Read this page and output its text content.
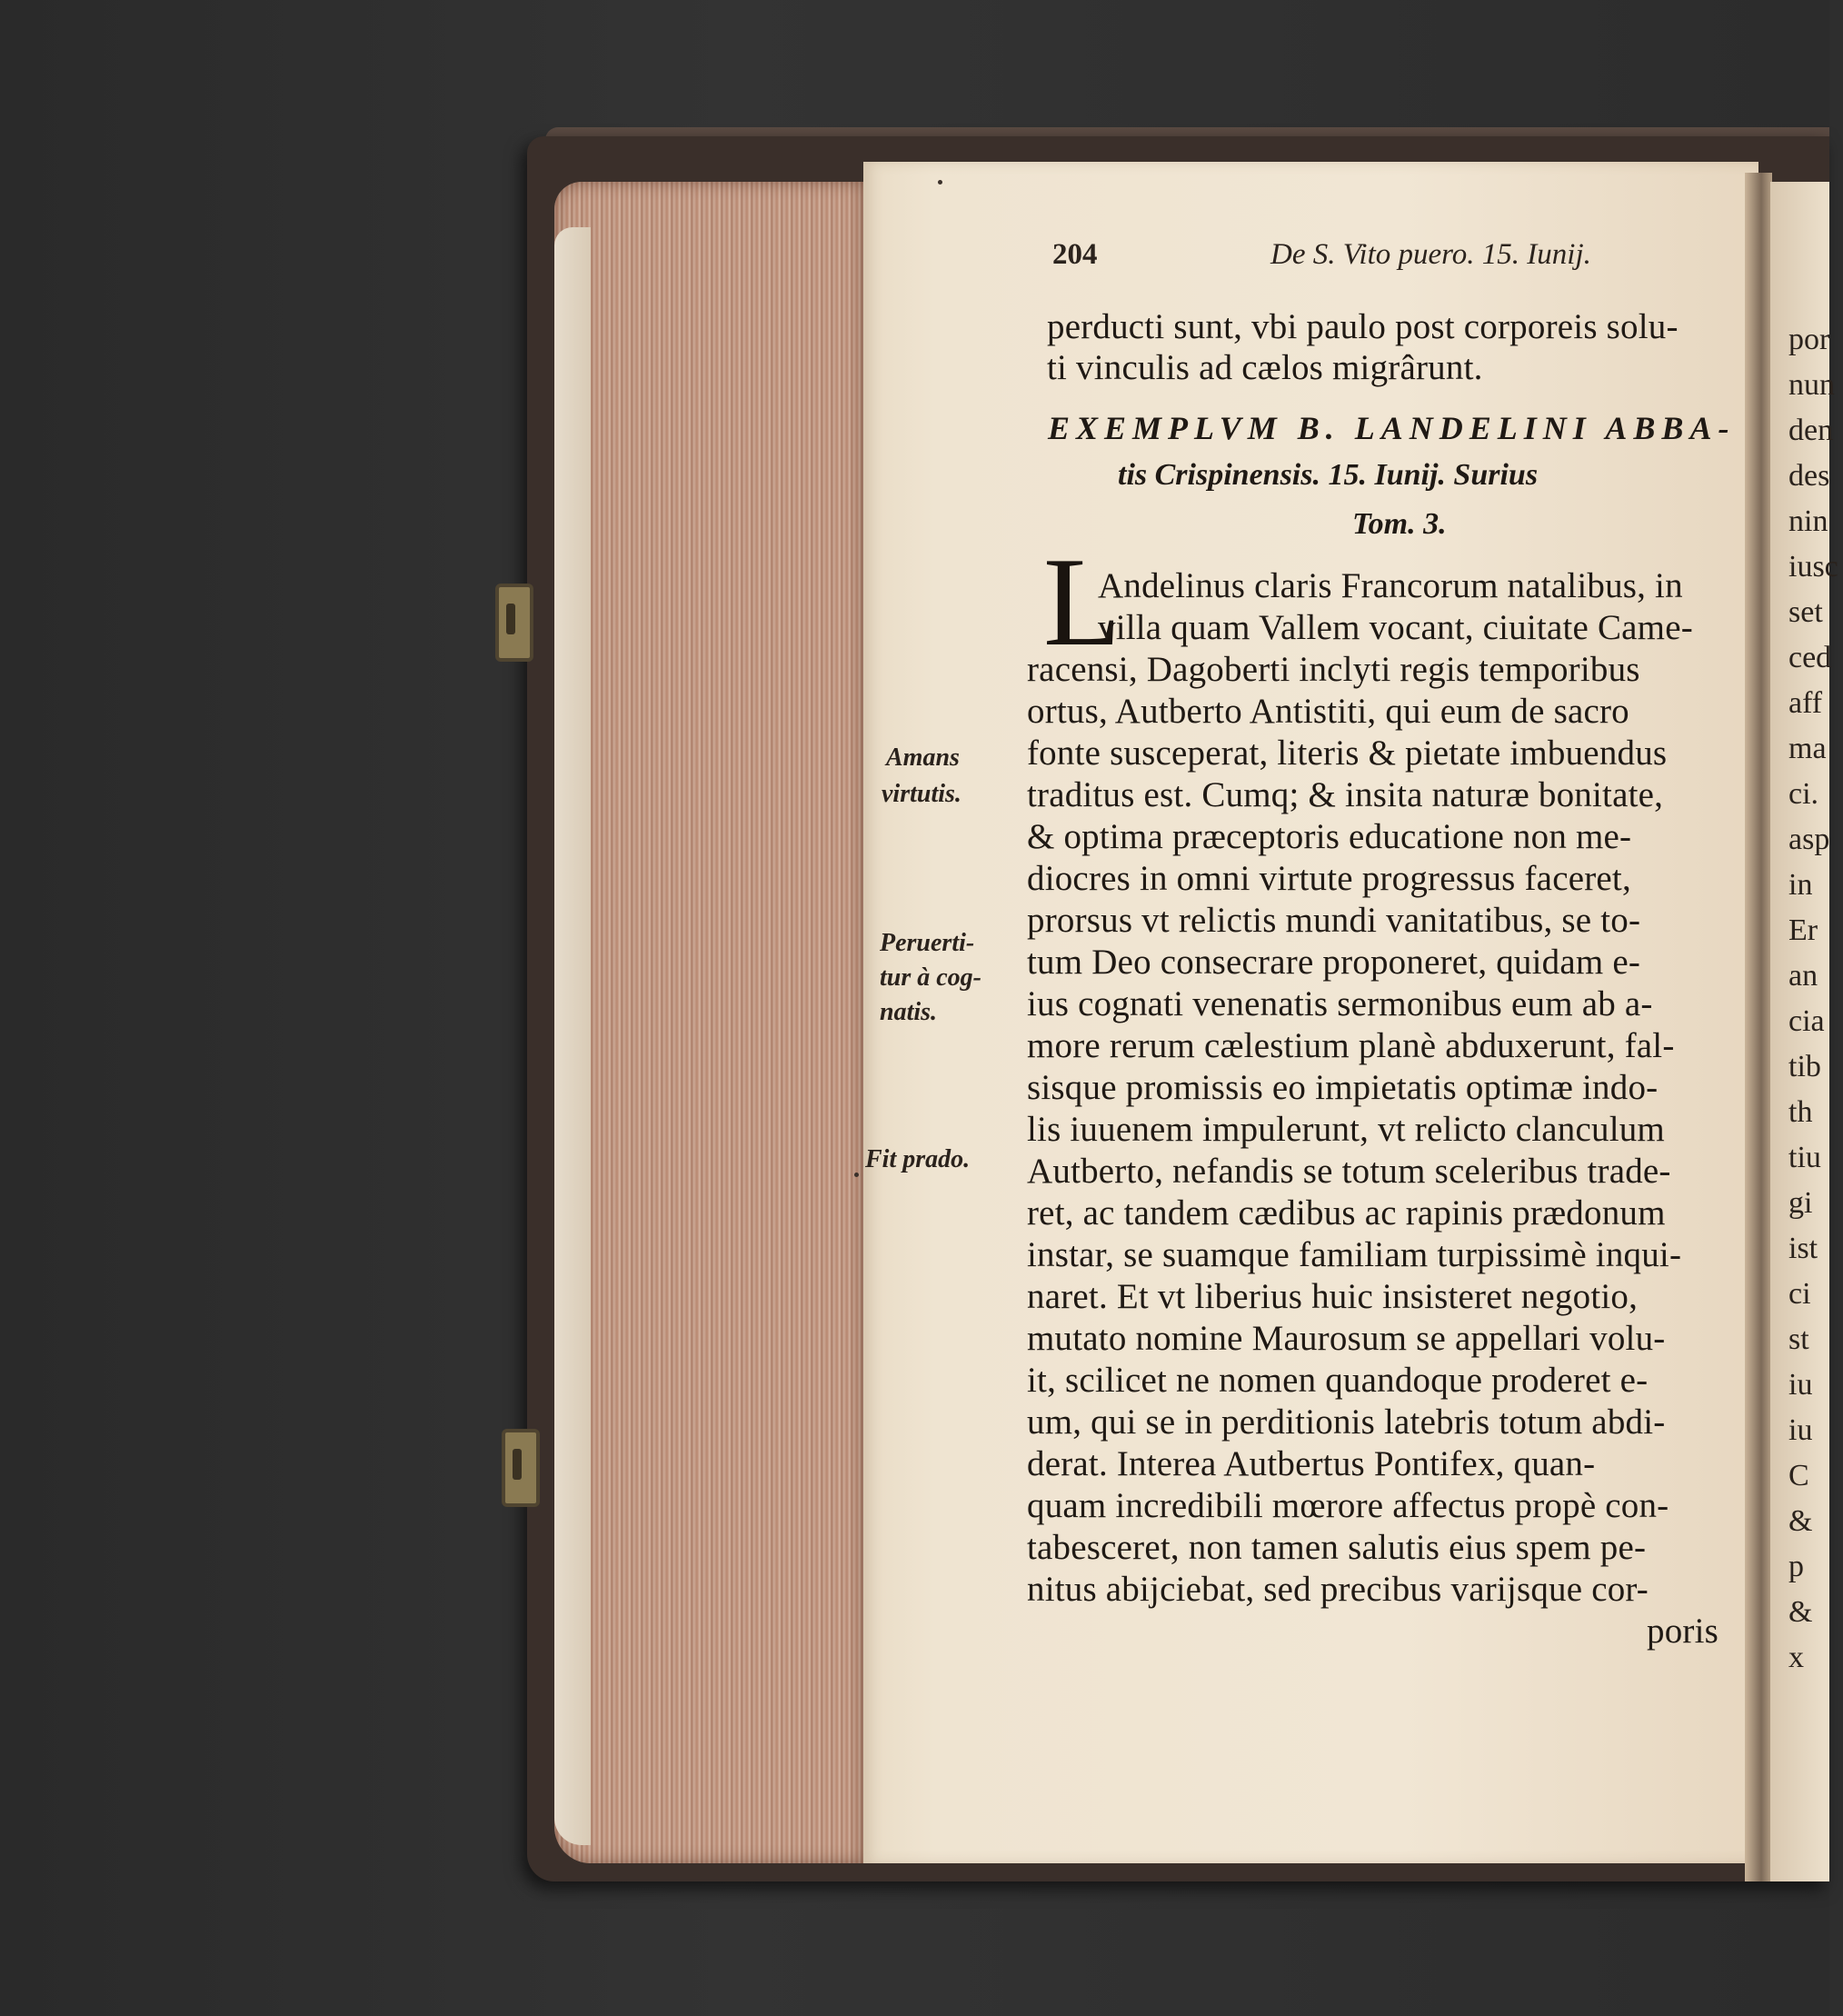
por
nun
den
des
nin
iusc
set
ced
aff
ma
ci.
asp
in
Er
an
cia
tib
th
tiu
gi
ist
ci
st
iu
iu
C
&
p
&
x
204	De S. Vito puero. 15. Iunij.
perducti sunt, vbi paulo post corporeis solu-
ti vinculis ad cælos migrârunt.
EXEMPLVM B. LANDELINI ABBA-
tis Crispinensis. 15. Iunij. Surius
Tom. 3.
L
Andelinus claris Francorum natalibus, in
villa quam Vallem vocant, ciuitate Came-
racensi, Dagoberti inclyti regis temporibus
ortus, Autberto Antistiti, qui eum de sacro
fonte susceperat, literis & pietate imbuendus
traditus est. Cumq; & insita naturæ bonitate,
& optima præceptoris educatione non me-
diocres in omni virtute progressus faceret,
prorsus vt relictis mundi vanitatibus, se to-
tum Deo consecrare proponeret, quidam e-
ius cognati venenatis sermonibus eum ab a-
more rerum cælestium planè abduxerunt, fal-
sisque promissis eo impietatis optimæ indo-
lis iuuenem impulerunt, vt relicto clanculum
Autberto, nefandis se totum sceleribus trade-
ret, ac tandem cædibus ac rapinis prædonum
instar, se suamque familiam turpissimè inqui-
naret. Et vt liberius huic insisteret negotio,
mutato nomine Maurosum se appellari volu-
it, scilicet ne nomen quandoque proderet e-
um, qui se in perditionis latebris totum abdi-
derat. Interea Autbertus Pontifex, quan-
quam incredibili mœrore affectus propè con-
tabesceret, non tamen salutis eius spem pe-
nitus abijciebat, sed precibus varijsque cor-
poris
Amans
virtutis.
Peruerti-
tur à cog-
natis.
Fit prado.
